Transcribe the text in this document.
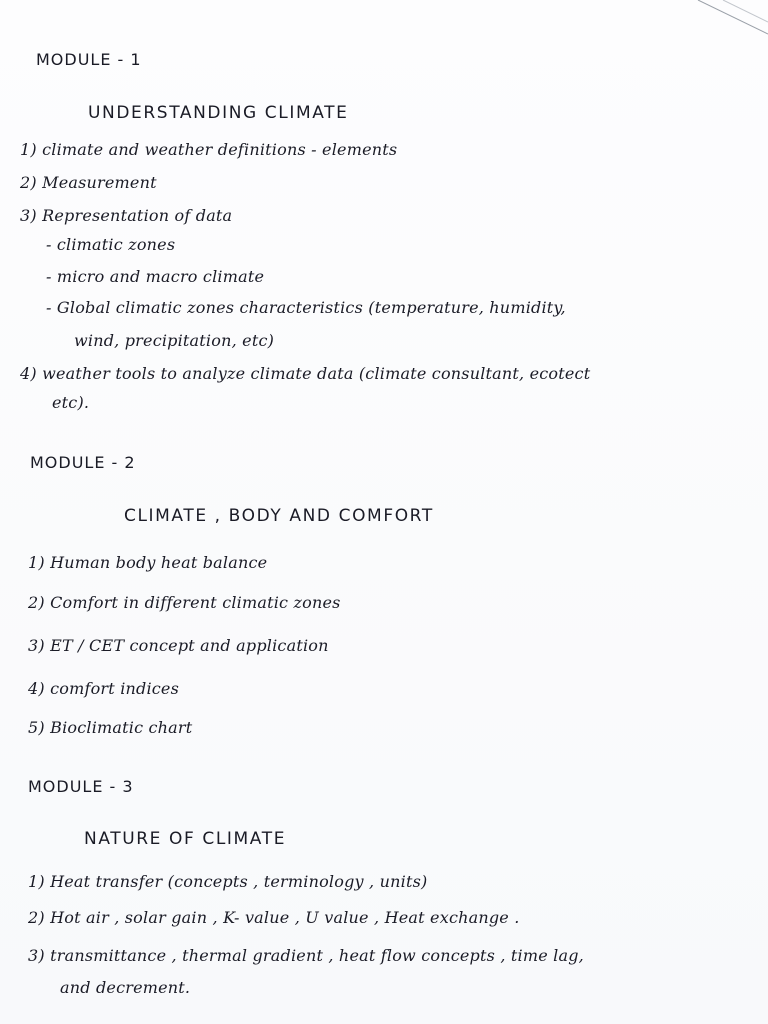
MODULE - 1
UNDERSTANDING CLIMATE
1) climate and weather definitions - elements
2) Measurement
3) Representation of data
- climatic zones
- micro and macro climate
- Global climatic zones characteristics (temperature, humidity,
wind, precipitation, etc)
4) weather tools to analyze climate data (climate consultant, ecotect
etc).
MODULE - 2
CLIMATE , BODY AND COMFORT
1) Human body heat balance
2) Comfort in different climatic zones
3) ET / CET concept and application
4) comfort indices
5) Bioclimatic chart
MODULE - 3
NATURE OF CLIMATE
1) Heat transfer (concepts , terminology , units)
2) Hot air , solar gain , K- value , U value , Heat exchange .
3) transmittance , thermal gradient , heat flow concepts , time lag,
and decrement.
